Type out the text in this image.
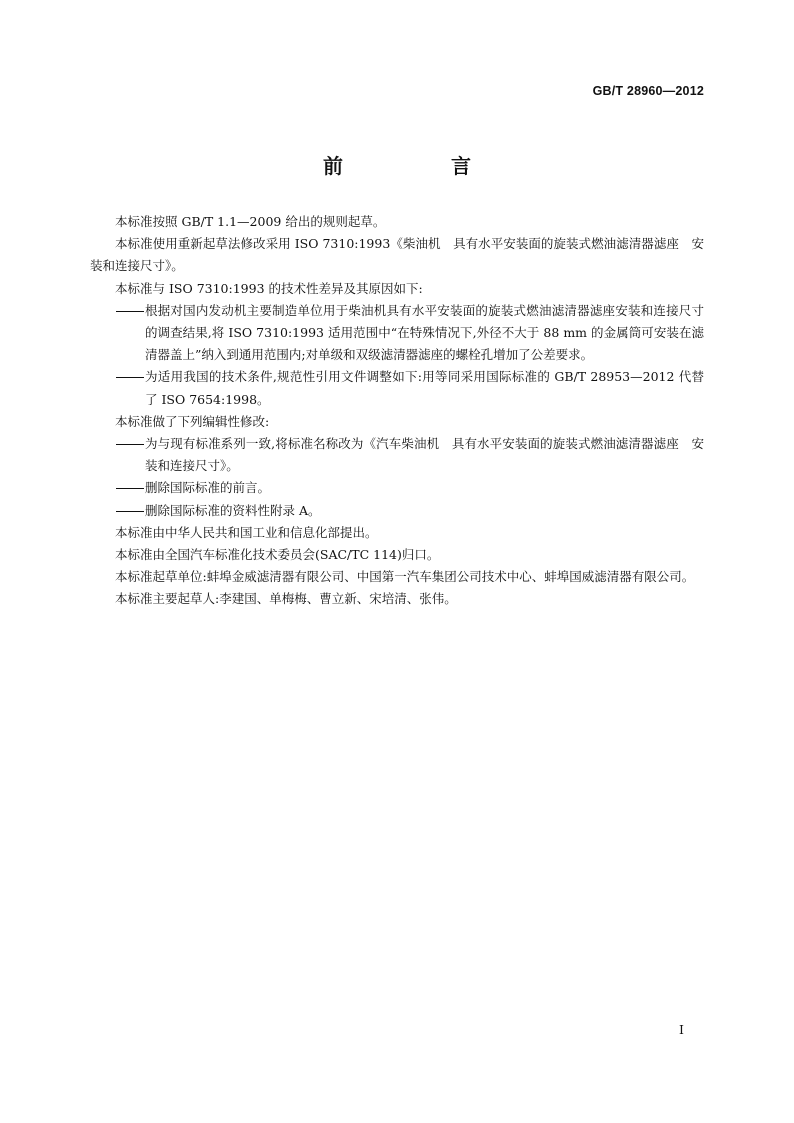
GB/T 28960—2012
前　言

本标准按照 GB/T 1.1—2009 给出的规则起草。

本标准使用重新起草法修改采用 ISO 7310:1993《柴油机　具有水平安装面的旋装式燃油滤清器滤座　安装和连接尺寸》。

本标准与 ISO 7310:1993 的技术性差异及其原因如下:

根据对国内发动机主要制造单位用于柴油机具有水平安装面的旋装式燃油滤清器滤座安装和连接尺寸的调查结果,将 ISO 7310:1993 适用范围中“在特殊情况下,外径不大于 88 mm 的金属筒可安装在滤清器盖上”纳入到通用范围内;对单级和双级滤清器滤座的螺栓孔增加了公差要求。
为适用我国的技术条件,规范性引用文件调整如下:用等同采用国际标准的 GB/T 28953—2012 代替了 ISO 7654:1998。

本标准做了下列编辑性修改:

为与现有标准系列一致,将标准名称改为《汽车柴油机　具有水平安装面的旋装式燃油滤清器滤座　安装和连接尺寸》。
删除国际标准的前言。
删除国际标准的资料性附录 A。

本标准由中华人民共和国工业和信息化部提出。

本标准由全国汽车标准化技术委员会(SAC/TC 114)归口。

本标准起草单位:蚌埠金威滤清器有限公司、中国第一汽车集团公司技术中心、蚌埠国威滤清器有限公司。

本标准主要起草人:李建国、单梅梅、曹立新、宋培清、张伟。

I
